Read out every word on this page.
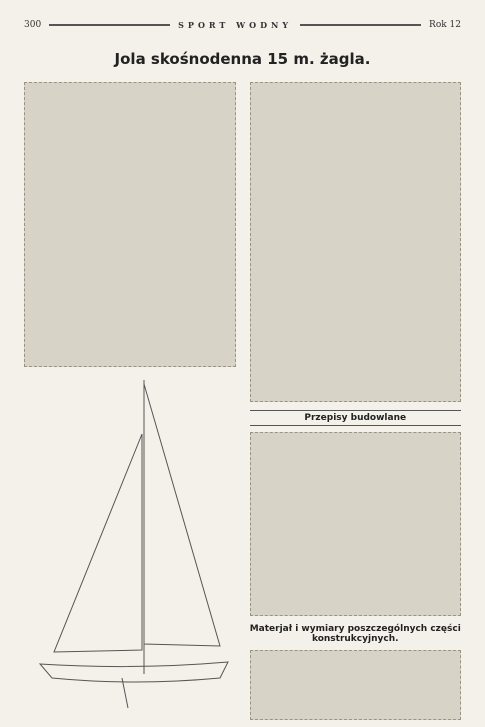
300	SPORT WODNY	Rok 12
Jola skośnodenna 15 m. żagla.
Przepisy budowlane
Materjał i wymiary poszczególnych części konstrukcyjnych.
